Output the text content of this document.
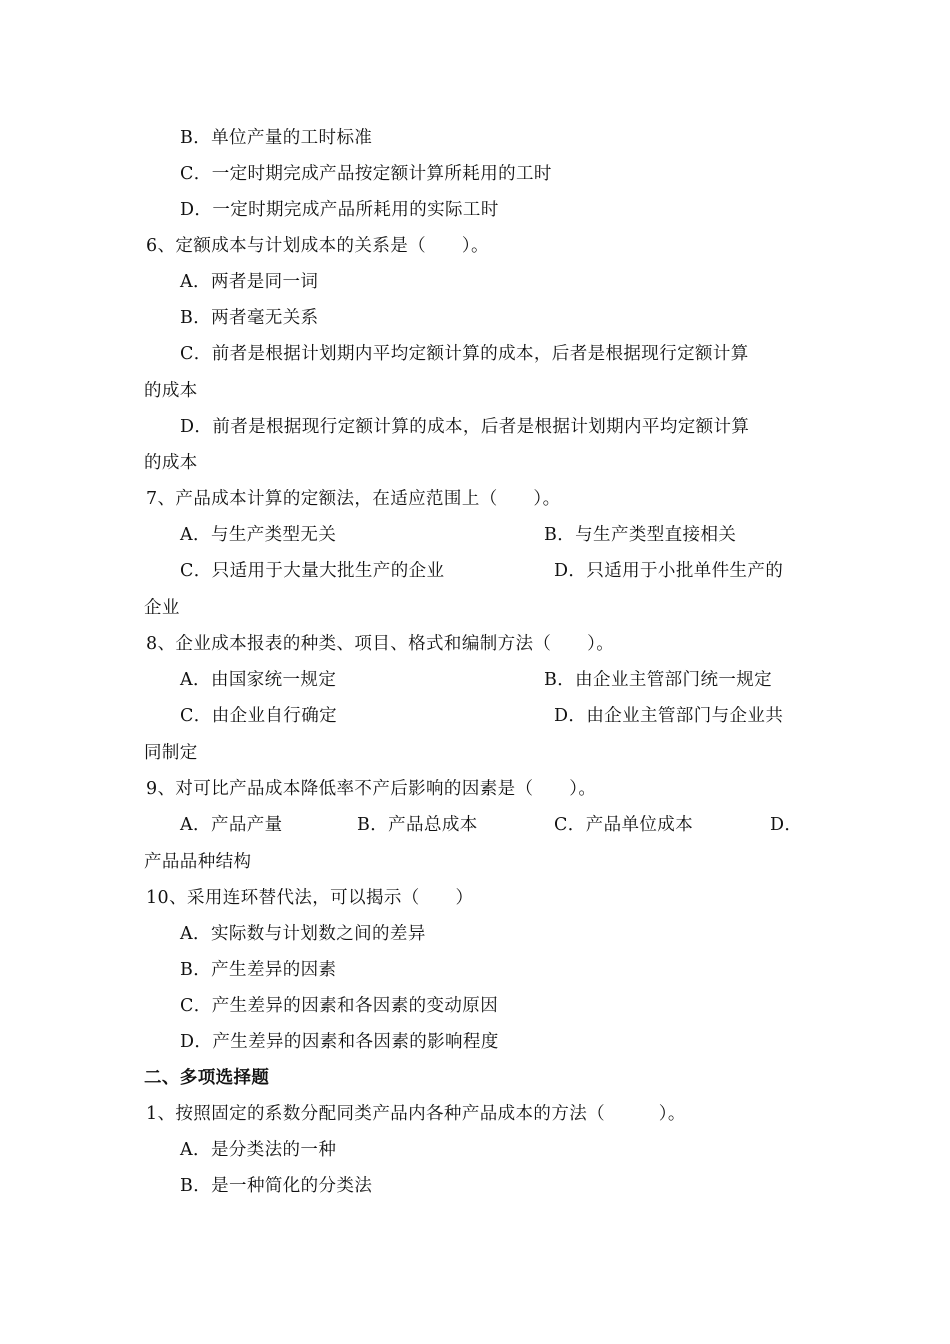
B．单位产量的工时标准
C．一定时期完成产品按定额计算所耗用的工时
D．一定时期完成产品所耗用的实际工时
6、定额成本与计划成本的关系是（　　）。
A．两者是同一词
B．两者毫无关系
C．前者是根据计划期内平均定额计算的成本，后者是根据现行定额计算
的成本
D．前者是根据现行定额计算的成本，后者是根据计划期内平均定额计算
的成本
7、产品成本计算的定额法，在适应范围上（　　）。
A．与生产类型无关	B．与生产类型直接相关
C．只适用于大量大批生产的企业	D．只适用于小批单件生产的
企业
8、企业成本报表的种类、项目、格式和编制方法（　　）。
A．由国家统一规定	B．由企业主管部门统一规定
C．由企业自行确定	D．由企业主管部门与企业共
同制定
9、对可比产品成本降低率不产后影响的因素是（　　）。
A．产品产量	B．产品总成本	C．产品单位成本	D．
产品品种结构
10、采用连环替代法，可以揭示（　　）
A．实际数与计划数之间的差异
B．产生差异的因素
C．产生差异的因素和各因素的变动原因
D．产生差异的因素和各因素的影响程度
二、多项选择题
1、按照固定的系数分配同类产品内各种产品成本的方法（　　　）。
A．是分类法的一种
B．是一种简化的分类法
